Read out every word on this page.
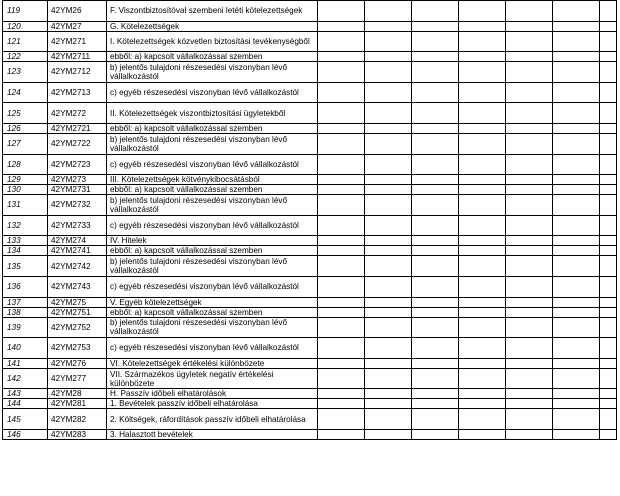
119	42YM26	F. Viszontbiztosítóval szembeni letéti kötelezettségek							
120	42YM27	G. Kötelezettségek							
121	42YM271	I. Kötelezettségek közvetlen biztosítási tevékenységből							
122	42YM2711	ebből: a) kapcsolt vállalkozással szemben							
123	42YM2712	b) jelentős tulajdoni részesedési viszonyban lévő vállalkozástól							
124	42YM2713	c) egyéb részesedési viszonyban lévő vállalkozástól							
125	42YM272	II. Kötelezettségek viszontbiztosítási ügyletekből							
126	42YM2721	ebből: a) kapcsolt vállalkozással szemben							
127	42YM2722	b) jelentős tulajdoni részesedési viszonyban lévő vállalkozástól							
128	42YM2723	c) egyéb részesedési viszonyban lévő vállalkozástól							
129	42YM273	III. Kötelezettségek kötvénykibocsátásból							
130	42YM2731	ebből: a) kapcsolt vállalkozással szemben							
131	42YM2732	b) jelentős tulajdoni részesedési viszonyban lévő vállalkozástól							
132	42YM2733	c) egyéb részesedési viszonyban lévő vállalkozástól							
133	42YM274	IV. Hitelek							
134	42YM2741	ebből: a) kapcsolt vállalkozással szemben							
135	42YM2742	b) jelentős tulajdoni részesedési viszonyban lévő vállalkozástól							
136	42YM2743	c) egyéb részesedési viszonyban lévő vállalkozástól							
137	42YM275	V. Egyéb kötelezettségek							
138	42YM2751	ebből: a) kapcsolt vállalkozással szemben							
139	42YM2752	b) jelentős tulajdoni részesedési viszonyban lévő vállalkozástól							
140	42YM2753	c) egyéb részesedési viszonyban lévő vállalkozástól							
141	42YM276	VI. Kötelezettségek értékelési különbözete							
142	42YM277	VII. Származékos ügyletek negatív értékelési különbözete							
143	42YM28	H. Passzív időbeli elhatárolások							
144	42YM281	1. Bevételek passzív időbeli elhatárolása							
145	42YM282	2. Költségek, ráfordítások passzív időbeli elhatárolása							
146	42YM283	3. Halasztott bevételek							
